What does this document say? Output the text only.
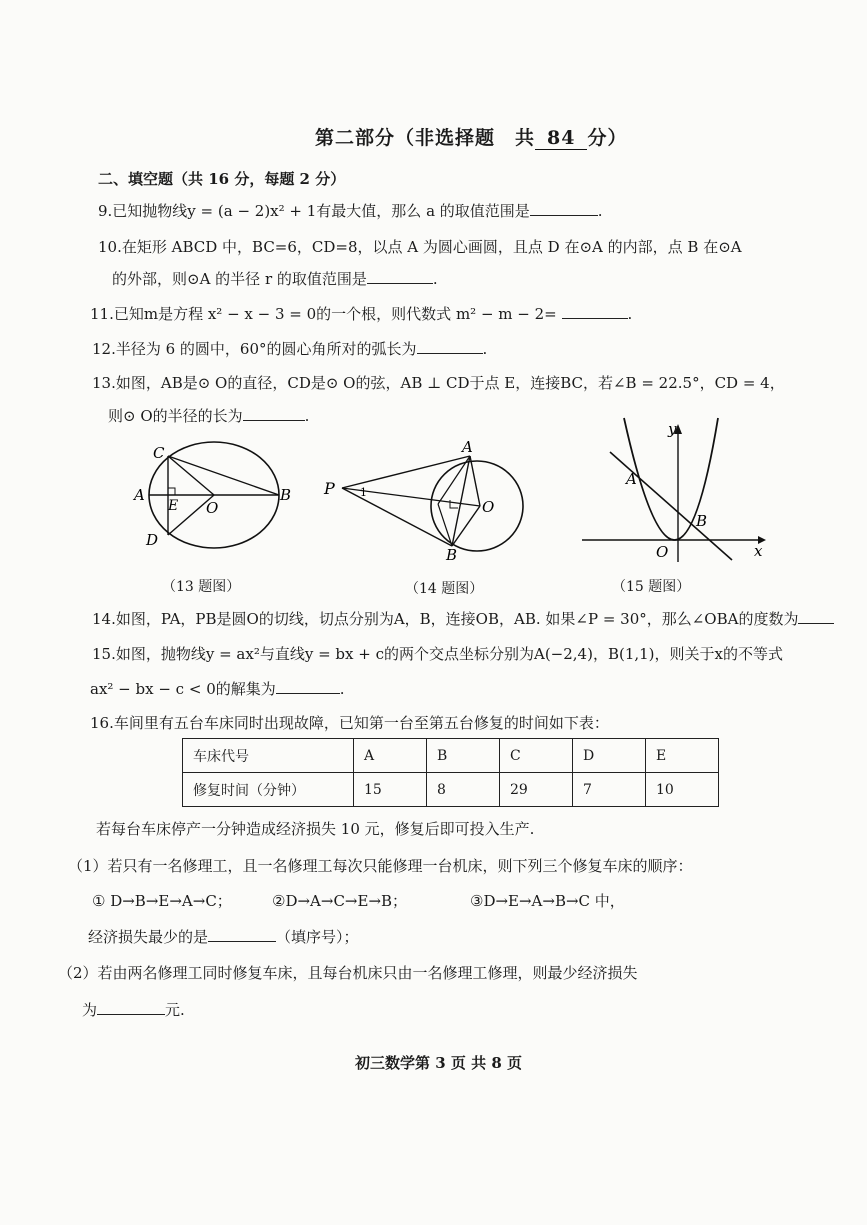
第二部分（非选择题　共 84 分）
二、填空题（共 16 分，每题 2 分）
9.已知抛物线y = (a − 2)x² + 1有最大值，那么 a 的取值范围是	.
10.在矩形 ABCD 中，BC=6，CD=8，以点 A 为圆心画圆，且点 D 在⊙A 的内部，点 B 在⊙A
的外部，则⊙A 的半径 r 的取值范围是	.
11.已知m是方程 x² − x − 3 = 0的一个根，则代数式 m² − m − 2=	.
12.半径为 6 的圆中，60°的圆心角所对的弧长为	.
13.如图，AB是⊙ O的直径，CD是⊙ O的弦，AB ⊥ CD于点 E，连接BC，若∠B = 22.5°，CD = 4，
则⊙ O的半径的长为	.
C
A
E O
B
D
（13 题图）
P 1
A
O
B
（14 题图）
y
A
B
O	x
（15 题图）
14.如图，PA，PB是圆O的切线，切点分别为A，B，连接OB，AB. 如果∠P = 30°，那么∠OBA的度数为
15.如图，抛物线y = ax²与直线y = bx + c的两个交点坐标分别为A(−2,4)，B(1,1)，则关于x的不等式
ax² − bx − c < 0的解集为	.
16.车间里有五台车床同时出现故障，已知第一台至第五台修复的时间如下表：
车床代号	A	B	C	D	E
修复时间（分钟）	15	8	29	7	10
若每台车床停产一分钟造成经济损失 10 元，修复后即可投入生产.
（1）若只有一名修理工，且一名修理工每次只能修理一台机床，则下列三个修复车床的顺序：
① D→B→E→A→C；	②D→A→C→E→B；	③D→E→A→B→C 中，
经济损失最少的是	（填序号）；
（2）若由两名修理工同时修复车床，且每台机床只由一名修理工修理，则最少经济损失
为	元.
初三数学第 3 页 共 8 页
